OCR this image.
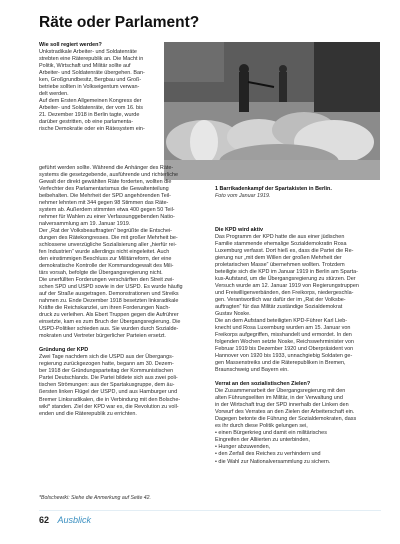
Räte oder Parlament?

Wie soll regiert werden?

Unkstradikale Arbeiter- und Soldatenräte
strebten eine Räterepublik an. Die Macht in
Politik, Wirtschaft und Militär sollte auf
Arbeiter- und Soldatenräte übergehen. Ban-
ken, Großgrundbesitz, Bergbau und Groß-
betriebe sollten in Volkseigentum verwan-
delt werden.
Auf dem Ersten Allgemeinen Kongress der
Arbeiter- und Soldatenräte, der vom 16. bis
21. Dezember 1918 in Berlin tagte, wurde
darüber gestritten, ob eine parlamenta-
rische Demokratie oder ein Rätesystem ein-

1 Barrikadenkampf der Spartakisten in Berlin.
Foto vom Januar 1919.

geführt werden sollte. Während die Anhänger des Räte-
systems die gesetzgebende, ausführende und richterliche
Gewalt der direkt gewählten Räte forderten, wollten die
Verfechter des Parlamentarismus die Gewaltenteilung
beibehalten. Die Mehrheit der SPD angehörenden Teil-
nehmer lehnten mit 344 gegen 98 Stimmen das Räte-
system ab. Außerdem stimmten etwa 400 gegen 50 Teil-
nehmer für Wahlen zu einer Verfassunggebenden Natio-
nalversammlung am 19. Januar 1919.
Der „Rat der Volksbeauftragten“ begrüßte die Entschei-
dungen des Rätekongresses. Die mit großer Mehrheit be-
schlossene unverzügliche Sozialisierung aller „hierfür rei-
fen Industrien“ wurde allerdings nicht eingeleitet. Auch
den einstimmigen Beschluss zur Militärreform, der eine
demokratische Kontrolle der Kommandogewalt des Mili-
tärs vorsah, befolgte die Übergangsregierung nicht.
Die unerfüllten Forderungen verschärften den Streit zwi-
schen SPD und USPD sowie in der USPD. Es wurde häufig
auf der Straße ausgetragen. Demonstrationen und Streiks
nahmen zu. Ende Dezember 1918 besetzten linksradikale
Kräfte die Reichskanzlei, um ihren Forderungen Nach-
druck zu verleihen. Als Ebert Truppen gegen die Aufrührer
einsetzte, kam es zum Bruch der Übergangsregierung. Die
USPD-Politiker schieden aus. Sie wurden durch Sozialde-
mokraten und Vertreter bürgerlicher Parteien ersetzt.

Gründung der KPD

Zwei Tage nachdem sich die USPD aus der Übergangs-
regierung zurückgezogen hatte, begann am 30. Dezem-
ber 1918 der Gründungsparteitag der Kommunistischen
Partei Deutschlands. Die Partei bildete sich aus zwei poli-
tischen Strömungen: aus der Spartakusgruppe, dem äu-
ßersten linken Flügel der USPD, und aus Hamburger und
Bremer Linksradikalen, die in Verbindung mit den Bolsche-
wiki* standen. Ziel der KPD war es, die Revolution zu voll-
enden und die Räterepublik zu errichten.

Die KPD wird aktiv

Das Programm der KPD hatte die aus einer jüdischen
Familie stammende ehemalige Sozialdemokratin Rosa
Luxemburg verfasst. Dort hieß es, dass die Partei die Re-
gierung nur „mit dem Willen der großen Mehrheit der
proletarischen Masse“ übernehmen wollten. Trotzdem
beteiligte sich die KPD im Januar 1919 in Berlin am Sparta-
kus-Aufstand, um die Übergangsregierung zu stürzen. Der
Versuch wurde am 12. Januar 1919 von Regierungstruppen
und Freiwilligenverbänden, den Freikorps, niedergeschla-
gen. Verantwortlich war dafür der im „Rat der Volksbe-
auftragten“ für das Militär zuständige Sozialdemokrat
Gustav Noske.
Die an dem Aufstand beteiligten KPD-Führer Karl Lieb-
knecht und Rosa Luxemburg wurden am 15. Januar von
Freikorps aufgegriffen, misshandelt und ermordet. In den
folgenden Wochen setzte Noske, Reichswehrminister von
Februar 1919 bis Dezember 1920 und Oberpräsident von
Hannover von 1920 bis 1933, unnachgiebig Soldaten ge-
gen Massenstreiks und die Räterepubliken in Bremen,
Braunschweig und Bayern ein.

Verrat an den sozialistischen Zielen?

Die Zusammenarbeit der Übergangsregierung mit den
alten Führungseliten im Militär, in der Verwaltung und
in der Wirtschaft trug der SPD innerhalb der Linken den
Vorwurf des Verrates an den Zielen der Arbeiterschaft ein.
Dagegen betonte die Führung der Sozialdemokraten, dass
es ihr durch diese Politik gelungen sei,

• einen Bürgerkrieg und damit ein militärisches
Eingreifen der Alliierten zu unterbinden,

• Hunger abzuwenden,

• den Zerfall des Reiches zu verhindern und

• die Wahl zur Nationalversammlung zu sichern.

*Bolschewiki: Siehe die Anmerkung auf Seite 42.
62 Ausblick
